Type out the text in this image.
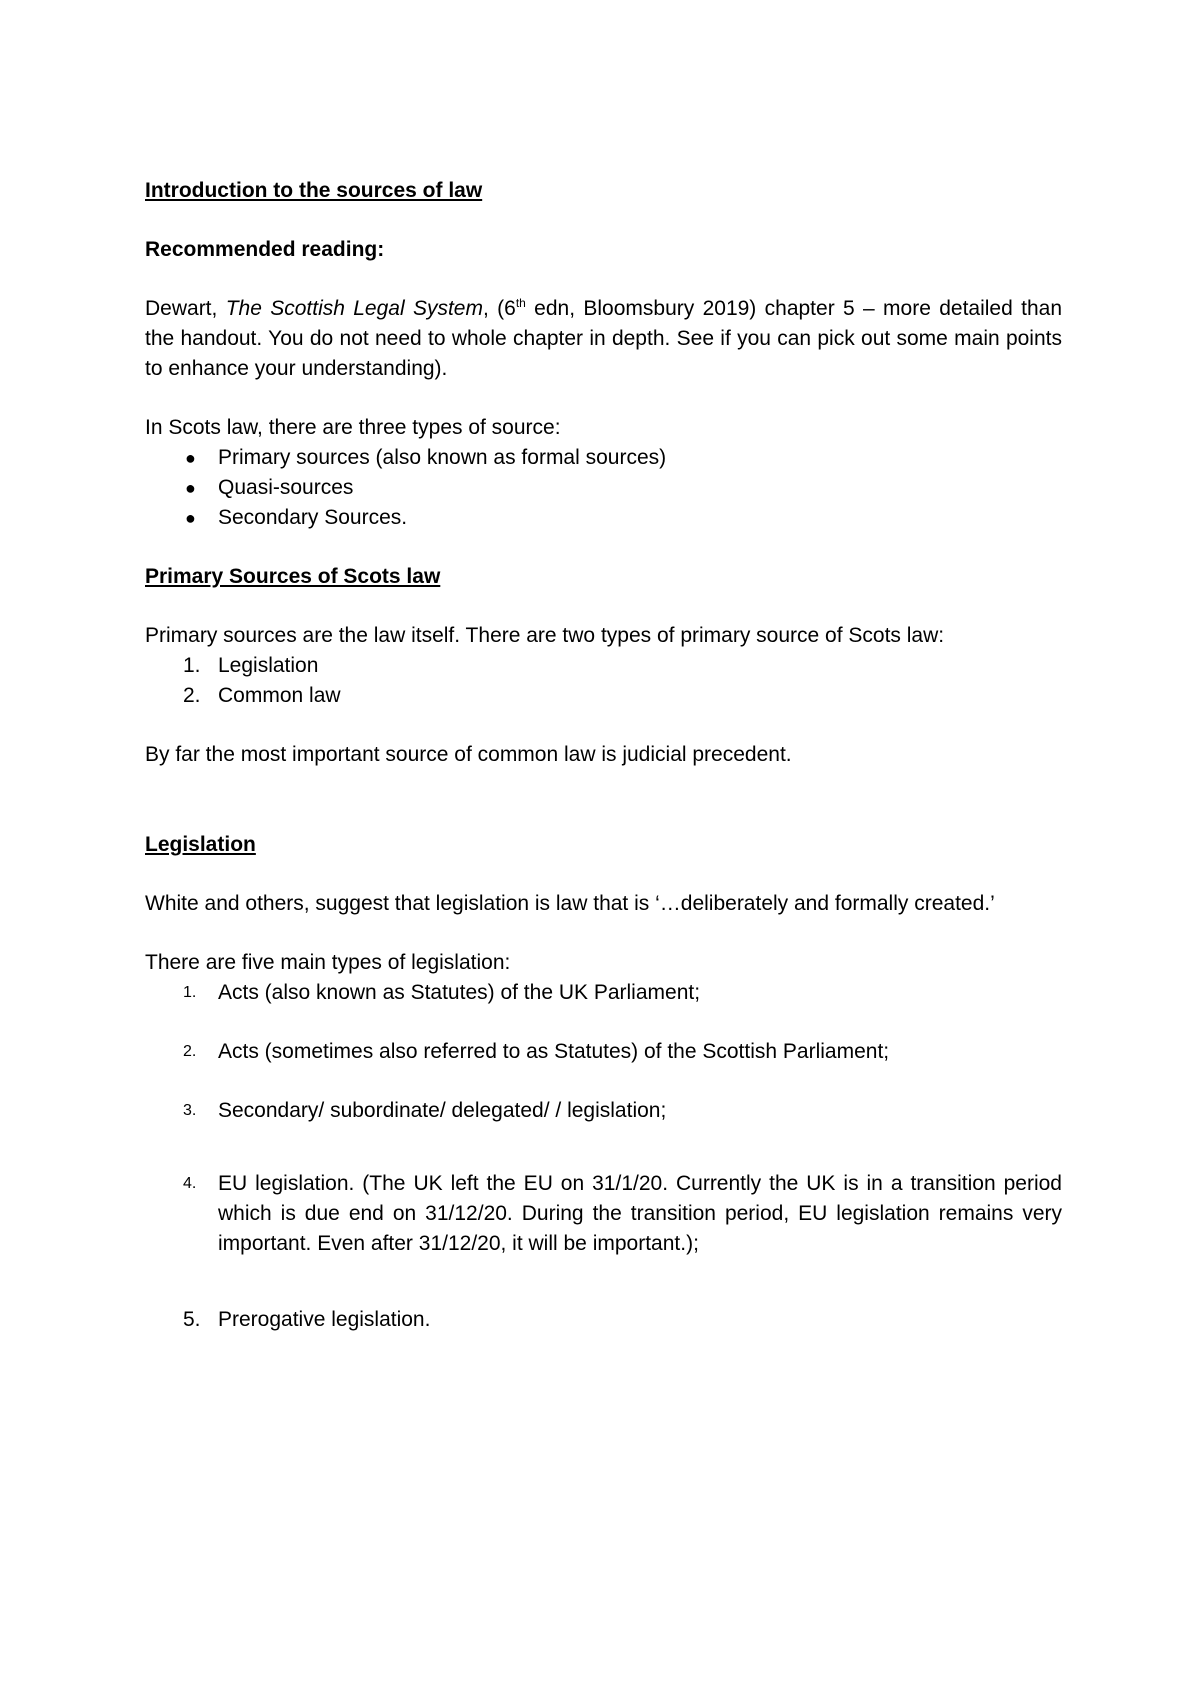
Introduction to the sources of law

Recommended reading:

Dewart, The Scottish Legal System, (6th edn, Bloomsbury 2019) chapter 5 – more detailed than the handout. You do not need to whole chapter in depth. See if you can pick out some main points to enhance your understanding).

In Scots law, there are three types of source:

● Primary sources (also known as formal sources)
● Quasi-sources
● Secondary Sources.

Primary Sources of Scots law

Primary sources are the law itself. There are two types of primary source of Scots law:

1. Legislation
2. Common law

By far the most important source of common law is judicial precedent.

Legislation

White and others, suggest that legislation is law that is ‘…deliberately and formally created.’

There are five main types of legislation:

1. Acts (also known as Statutes) of the UK Parliament;
2. Acts (sometimes also referred to as Statutes) of the Scottish Parliament;
3. Secondary/ subordinate/ delegated/ / legislation;
4. EU legislation. (The UK left the EU on 31/1/20. Currently the UK is in a transition period which is due end on 31/12/20. During the transition period, EU legislation remains very important. Even after 31/12/20, it will be important.);
5. Prerogative legislation.
